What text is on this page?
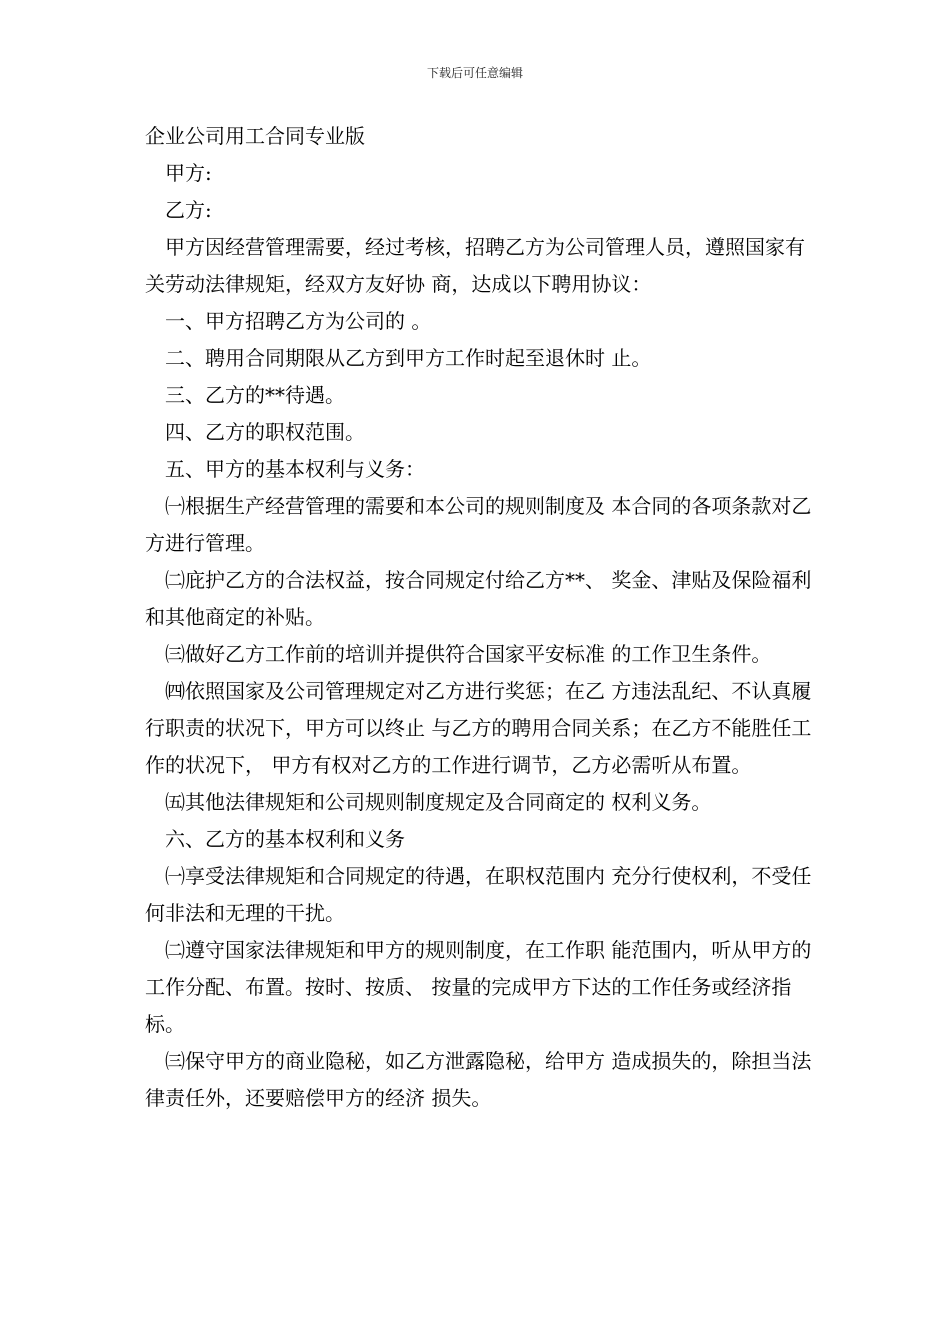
下载后可任意编辑

企业公司用工合同专业版

甲方:

乙方:

甲方因经营管理需要，经过考核，招聘乙方为公司管理人员，遵照国家有关劳动法律规矩，经双方友好协 商，达成以下聘用协议：

一、甲方招聘乙方为公司的 。

二、聘用合同期限从乙方到甲方工作时起至退休时 止。

三、乙方的**待遇。

四、乙方的职权范围。

五、甲方的基本权利与义务：

㈠根据生产经营管理的需要和本公司的规则制度及 本合同的各项条款对乙方进行管理。

㈡庇护乙方的合法权益，按合同规定付给乙方**、 奖金、津贴及保险福利和其他商定的补贴。

㈢做好乙方工作前的培训并提供符合国家平安标准 的工作卫生条件。

㈣依照国家及公司管理规定对乙方进行奖惩；在乙 方违法乱纪、不认真履行职责的状况下，甲方可以终止 与乙方的聘用合同关系；在乙方不能胜任工作的状况下， 甲方有权对乙方的工作进行调节，乙方必需听从布置。

㈤其他法律规矩和公司规则制度规定及合同商定的 权利义务。

六、乙方的基本权利和义务

㈠享受法律规矩和合同规定的待遇，在职权范围内 充分行使权利，不受任何非法和无理的干扰。

㈡遵守国家法律规矩和甲方的规则制度，在工作职 能范围内，听从甲方的工作分配、布置。按时、按质、 按量的完成甲方下达的工作任务或经济指标。

㈢保守甲方的商业隐秘，如乙方泄露隐秘，给甲方 造成损失的，除担当法律责任外，还要赔偿甲方的经济 损失。
